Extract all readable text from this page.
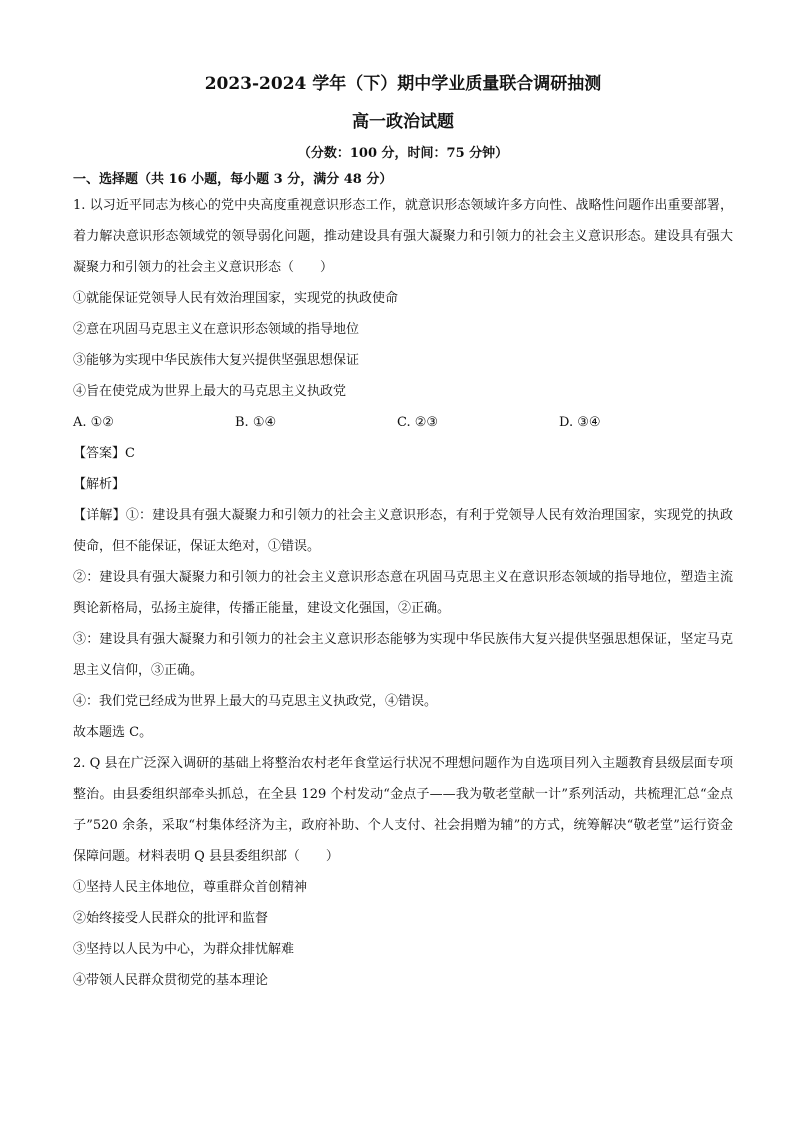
2023-2024 学年（下）期中学业质量联合调研抽测
高一政治试题
（分数：100 分，时间：75 分钟）
一、选择题（共 16 小题，每小题 3 分，满分 48 分）
1. 以习近平同志为核心的党中央高度重视意识形态工作，就意识形态领域许多方向性、战略性问题作出重要部署，着力解决意识形态领域党的领导弱化问题，推动建设具有强大凝聚力和引领力的社会主义意识形态。建设具有强大凝聚力和引领力的社会主义意识形态（　　）
①就能保证党领导人民有效治理国家，实现党的执政使命
②意在巩固马克思主义在意识形态领域的指导地位
③能够为实现中华民族伟大复兴提供坚强思想保证
④旨在使党成为世界上最大的马克思主义执政党
A. ①②	B. ①④	C. ②③	D. ③④
【答案】C
【解析】
【详解】①：建设具有强大凝聚力和引领力的社会主义意识形态，有利于党领导人民有效治理国家，实现党的执政使命，但不能保证，保证太绝对，①错误。
②：建设具有强大凝聚力和引领力的社会主义意识形态意在巩固马克思主义在意识形态领域的指导地位，塑造主流舆论新格局，弘扬主旋律，传播正能量，建设文化强国，②正确。
③：建设具有强大凝聚力和引领力的社会主义意识形态能够为实现中华民族伟大复兴提供坚强思想保证，坚定马克思主义信仰，③正确。
④：我们党已经成为世界上最大的马克思主义执政党，④错误。
故本题选 C。
2. Q 县在广泛深入调研的基础上将整治农村老年食堂运行状况不理想问题作为自选项目列入主题教育县级层面专项整治。由县委组织部牵头抓总，在全县 129 个村发动“金点子——我为敬老堂献一计”系列活动，共梳理汇总“金点子”520 余条，采取“村集体经济为主，政府补助、个人支付、社会捐赠为辅”的方式，统筹解决“敬老堂”运行资金保障问题。材料表明 Q 县县委组织部（　　）
①坚持人民主体地位，尊重群众首创精神
②始终接受人民群众的批评和监督
③坚持以人民为中心，为群众排忧解难
④带领人民群众贯彻党的基本理论
